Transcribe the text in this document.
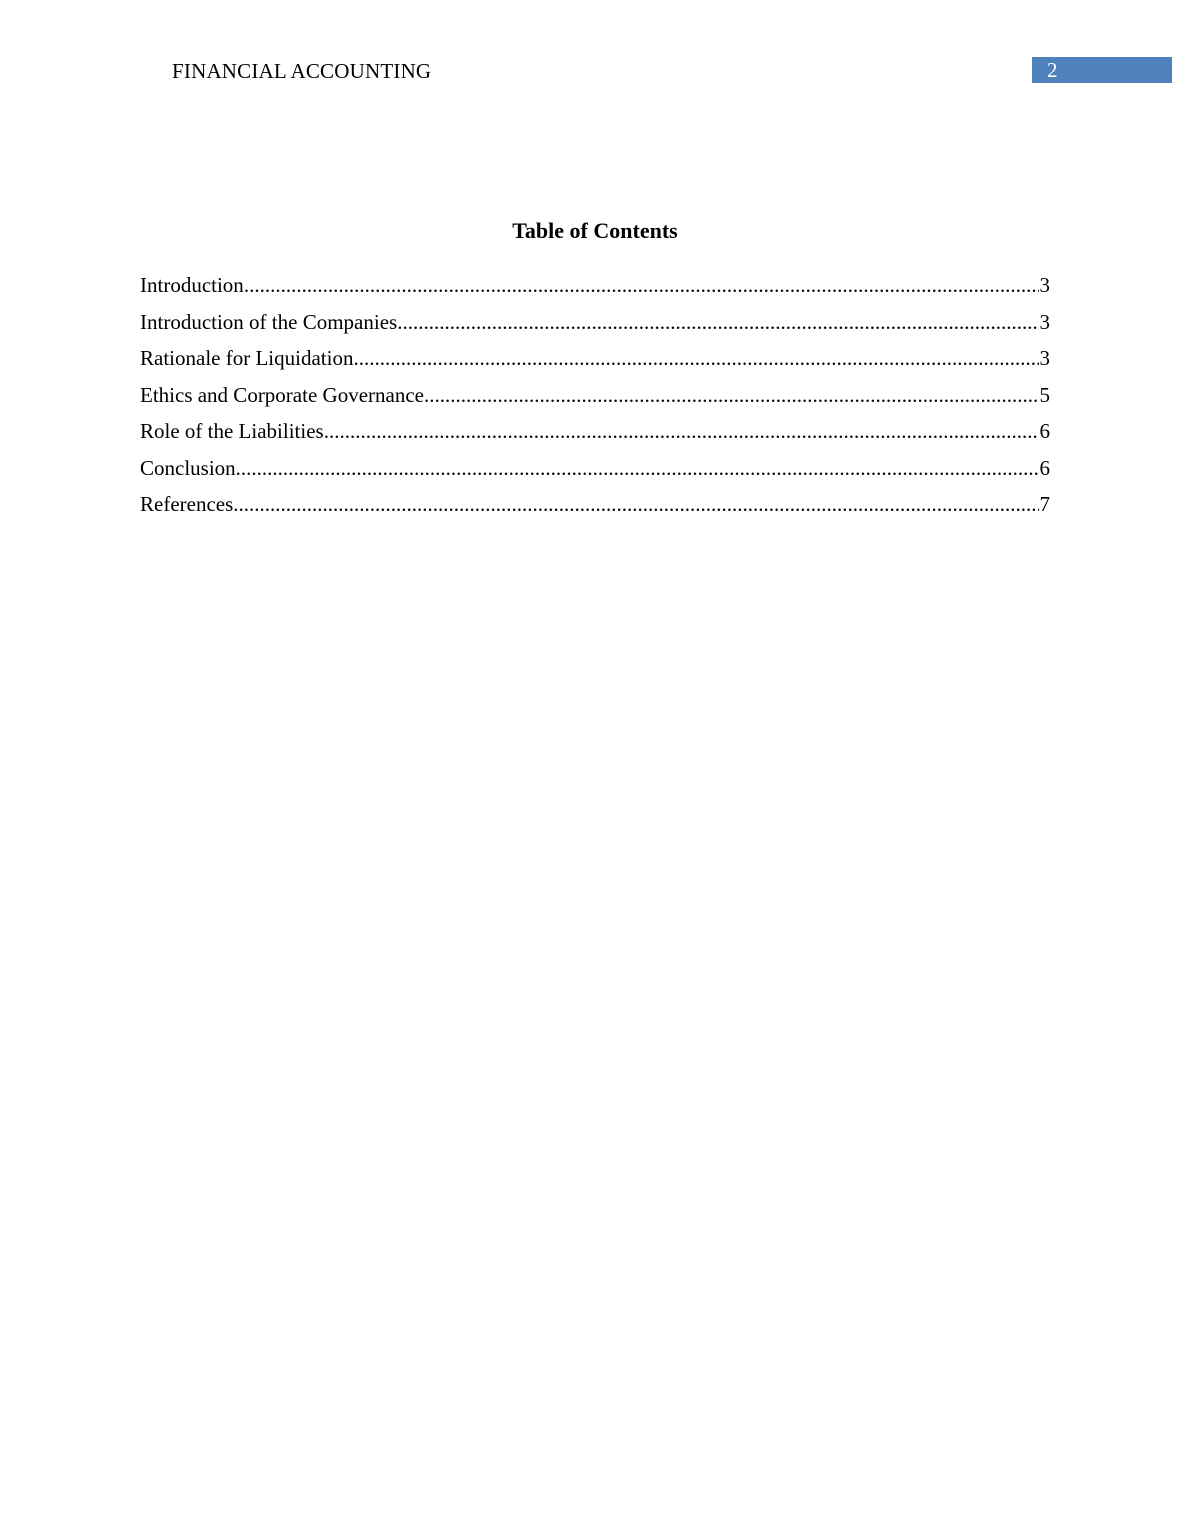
FINANCIAL ACCOUNTING	2
Table of Contents
Introduction .....	3
Introduction of the Companies .....	3
Rationale for Liquidation .....	3
Ethics and Corporate Governance .....	5
Role of the Liabilities .....	6
Conclusion .....	6
References .....	7
